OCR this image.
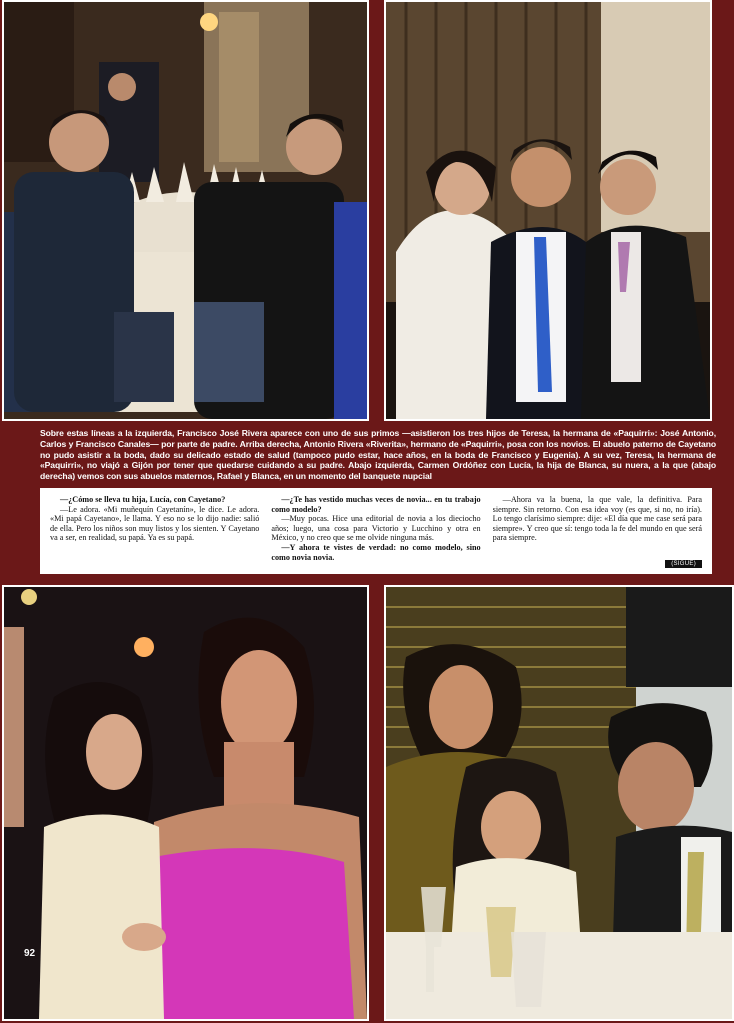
Sobre estas líneas a la izquierda, Francisco José Rivera aparece con uno de sus primos —asistieron los tres hijos de Teresa, la hermana de «Paquirri»: José Antonio, Carlos y Francisco Canales— por parte de padre. Arriba derecha, Antonio Rivera «Riverita», hermano de «Paquirri», posa con los novios. El abuelo paterno de Cayetano no pudo asistir a la boda, dado su delicado estado de salud (tampoco pudo estar, hace años, en la boda de Francisco y Eugenia). A su vez, Teresa, la hermana de «Paquirri», no viajó a Gijón por tener que quedarse cuidando a su padre. Abajo izquierda, Carmen Ordóñez con Lucía, la hija de Blanca, su nuera, a la que (abajo derecha) vemos con sus abuelos maternos, Rafael y Blanca, en un momento del banquete nupcial

—¿Cómo se lleva tu hija, Lucía, con Cayetano?

—Le adora. «Mi muñequín Cayetanín», le dice. Le adora. «Mi papá Cayetano», le llama. Y eso no se lo dijo nadie: salió de ella. Pero los niños son muy listos y los sienten. Y Cayetano va a ser, en realidad, su papá. Ya es su papá.

—¿Te has vestido muchas veces de novia... en tu trabajo como modelo?

—Muy pocas. Hice una editorial de novia a los dieciocho años; luego, una cosa para Victorio y Lucchino y otra en México, y no creo que se me olvide ninguna más.

—Y ahora te vistes de verdad: no como modelo, sino como novia novia.

—Ahora va la buena, la que vale, la definitiva. Para siempre. Sin retorno. Con esa idea voy (es que, si no, no iría). Lo tengo clarísimo siempre: dije: «El día que me case será para siempre». Y creo que sí: tengo toda la fe del mundo en que será para siempre.

(SIGUE)
92
